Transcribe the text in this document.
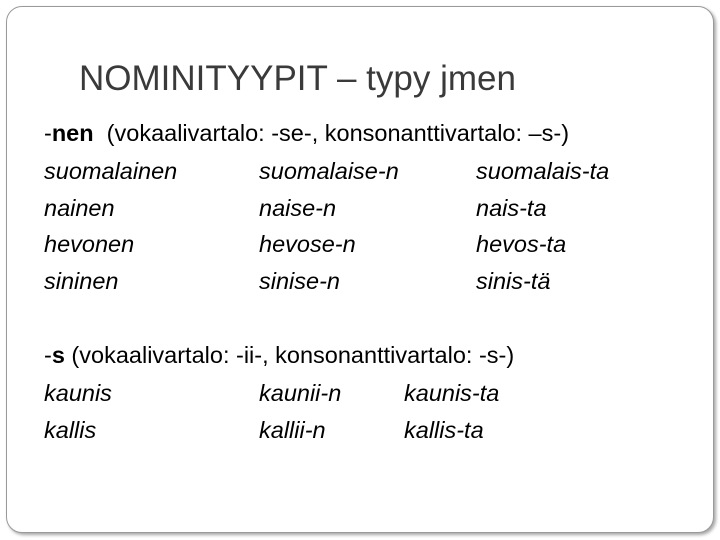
NOMINITYYPIT – typy jmen
-nen  (vokaalivartalo: -se-, konsonanttivartalo: –s-)
suomalainen	suomalaise-n	suomalais-ta
nainen	naise-n	nais-ta
hevonen	hevose-n	hevos-ta
sininen	sinise-n	sinis-tä
-s (vokaalivartalo: -ii-, konsonanttivartalo: -s-)
kaunis	kaunii-n	kaunis-ta
kallis	kallii-n	kallis-ta
